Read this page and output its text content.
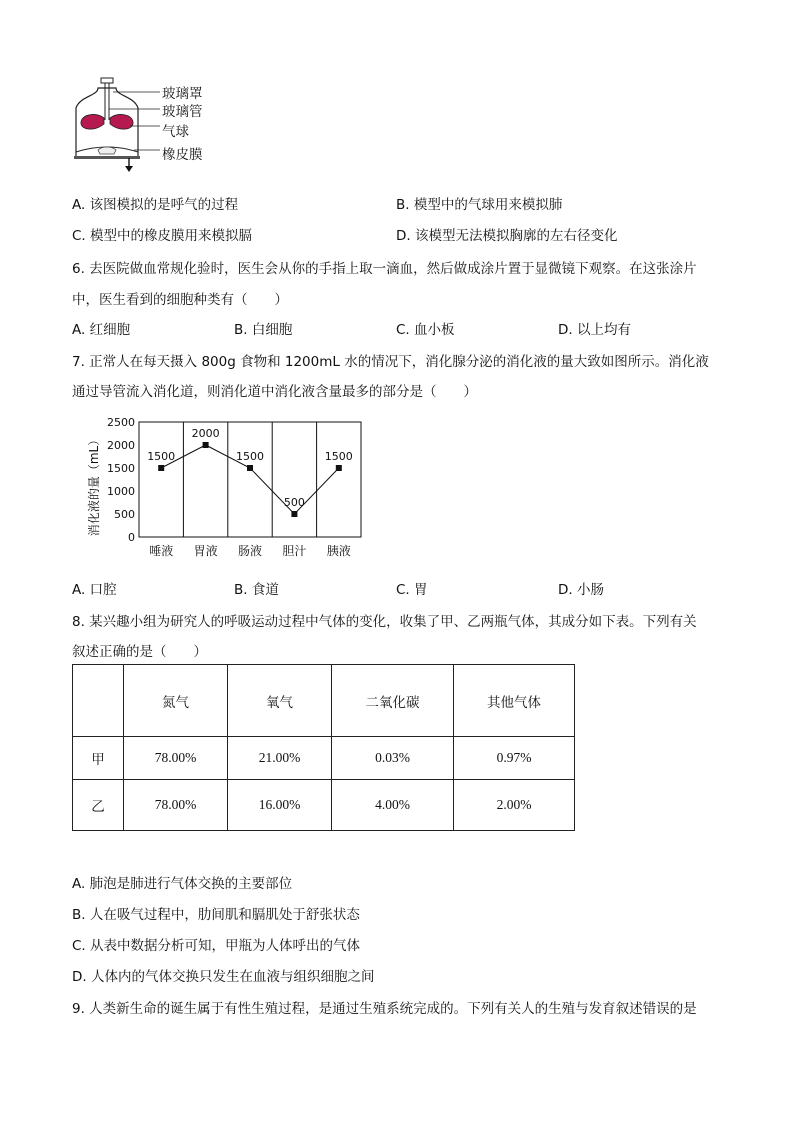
玻璃罩
玻璃管
气球
橡皮膜
A. 该图模拟的是呼气的过程	B. 模型中的气球用来模拟肺
C. 模型中的橡皮膜用来模拟膈	D. 该模型无法模拟胸廓的左右径变化
6. 去医院做血常规化验时，医生会从你的手指上取一滴血，然后做成涂片置于显微镜下观察。在这张涂片
中，医生看到的细胞种类有（　　）
A. 红细胞	B. 白细胞	C. 血小板	D. 以上均有
7. 正常人在每天摄入 800g 食物和 1200mL 水的情况下，消化腺分泌的消化液的量大致如图所示。消化液
通过导管流入消化道，则消化道中消化液含量最多的部分是（　　）
消化液的量（mL）
0
500
1000
1500
2000
2500
1500
2000
1500
500
1500
唾液 胃液 肠液 胆汁 胰液
A. 口腔	B. 食道	C. 胃	D. 小肠
8. 某兴趣小组为研究人的呼吸运动过程中气体的变化，收集了甲、乙两瓶气体，其成分如下表。下列有关
叙述正确的是（　　）
	氮气	氧气	二氧化碳	其他气体
甲	78.00%	21.00%	0.03%	0.97%
乙	78.00%	16.00%	4.00%	2.00%
A. 肺泡是肺进行气体交换的主要部位
B. 人在吸气过程中，肋间肌和膈肌处于舒张状态
C. 从表中数据分析可知，甲瓶为人体呼出的气体
D. 人体内的气体交换只发生在血液与组织细胞之间
9. 人类新生命的诞生属于有性生殖过程，是通过生殖系统完成的。下列有关人的生殖与发育叙述错误的是
